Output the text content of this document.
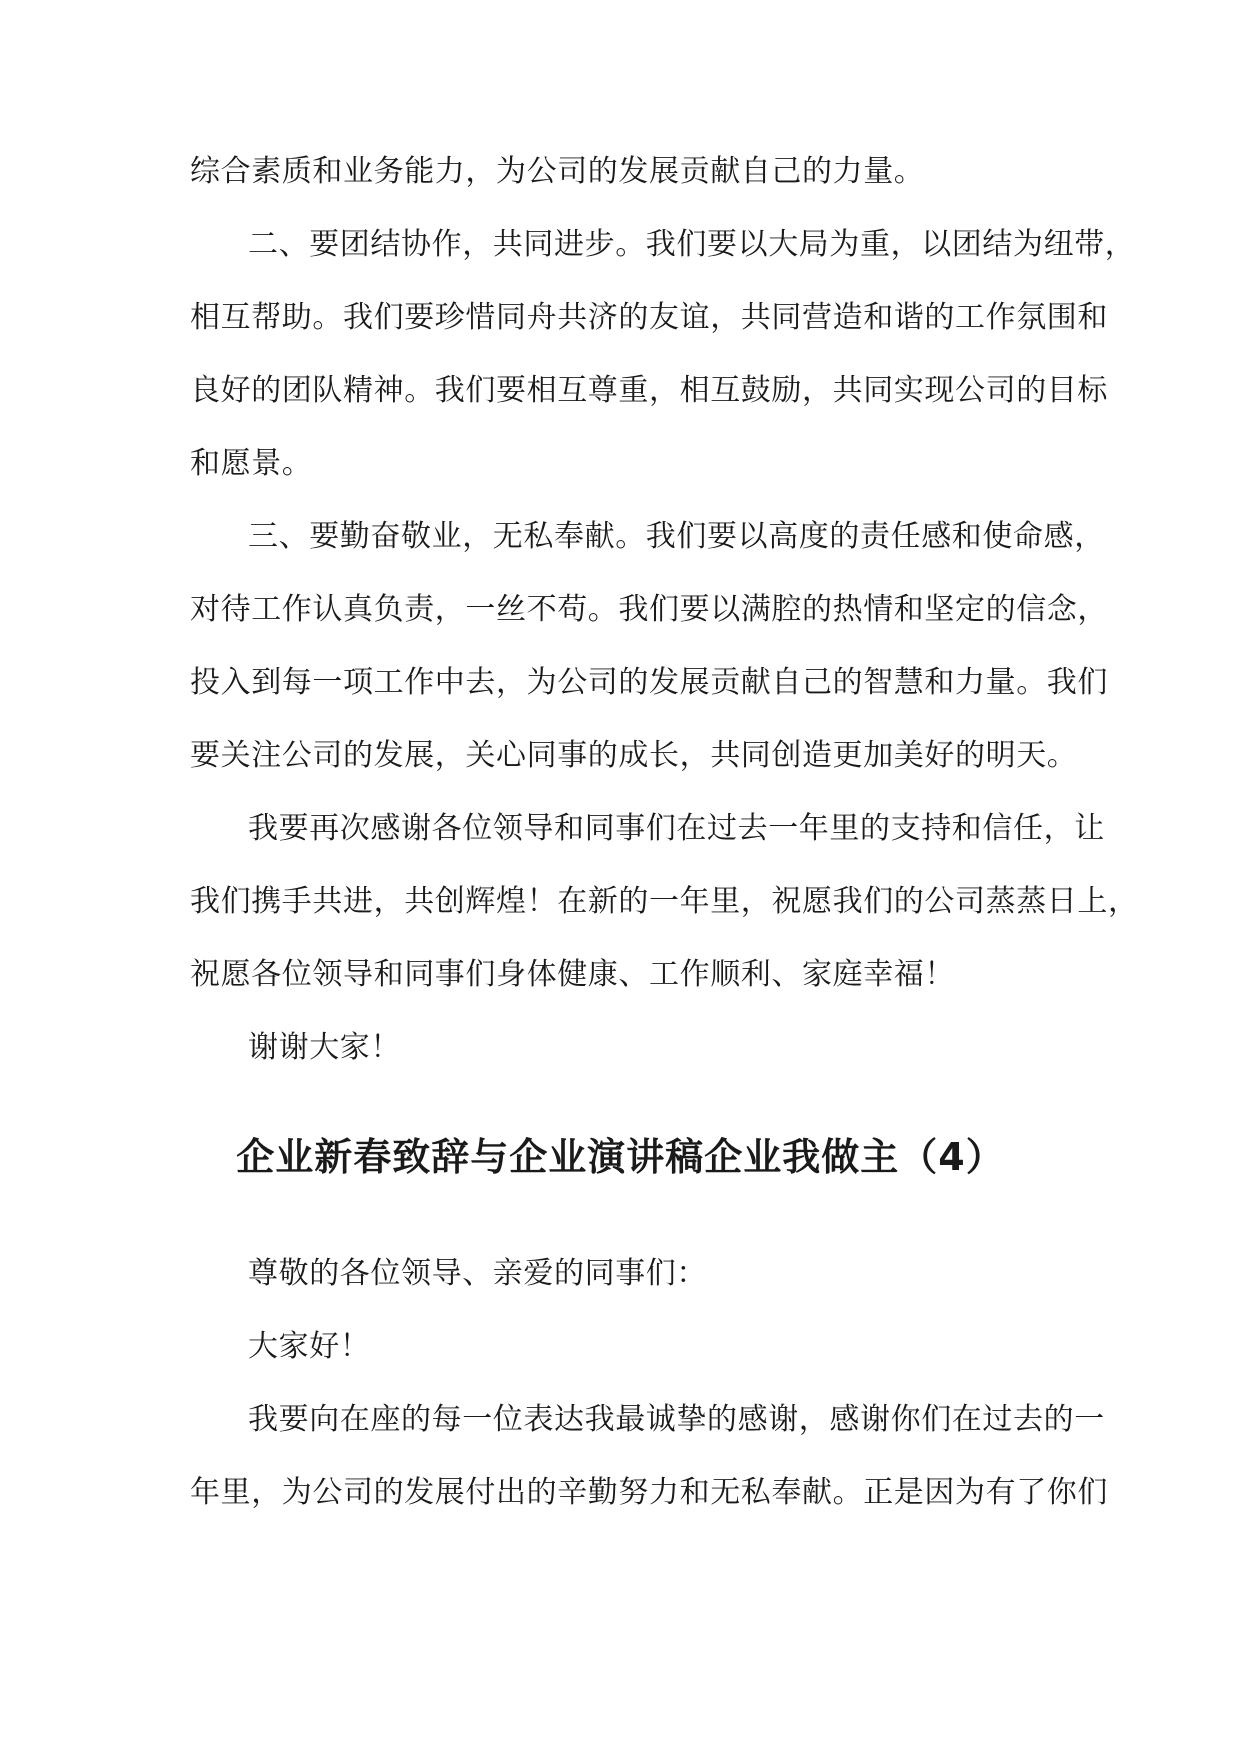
综合素质和业务能力，为公司的发展贡献自己的力量。
二、要团结协作，共同进步。我们要以大局为重，以团结为纽带，
相互帮助。我们要珍惜同舟共济的友谊，共同营造和谐的工作氛围和
良好的团队精神。我们要相互尊重，相互鼓励，共同实现公司的目标
和愿景。
三、要勤奋敬业，无私奉献。我们要以高度的责任感和使命感，
对待工作认真负责，一丝不苟。我们要以满腔的热情和坚定的信念，
投入到每一项工作中去，为公司的发展贡献自己的智慧和力量。我们
要关注公司的发展，关心同事的成长，共同创造更加美好的明天。
我要再次感谢各位领导和同事们在过去一年里的支持和信任，让
我们携手共进，共创辉煌！在新的一年里，祝愿我们的公司蒸蒸日上，
祝愿各位领导和同事们身体健康、工作顺利、家庭幸福！
谢谢大家！
企业新春致辞与企业演讲稿企业我做主（4）
尊敬的各位领导、亲爱的同事们：
大家好！
我要向在座的每一位表达我最诚挚的感谢，感谢你们在过去的一
年里，为公司的发展付出的辛勤努力和无私奉献。正是因为有了你们
